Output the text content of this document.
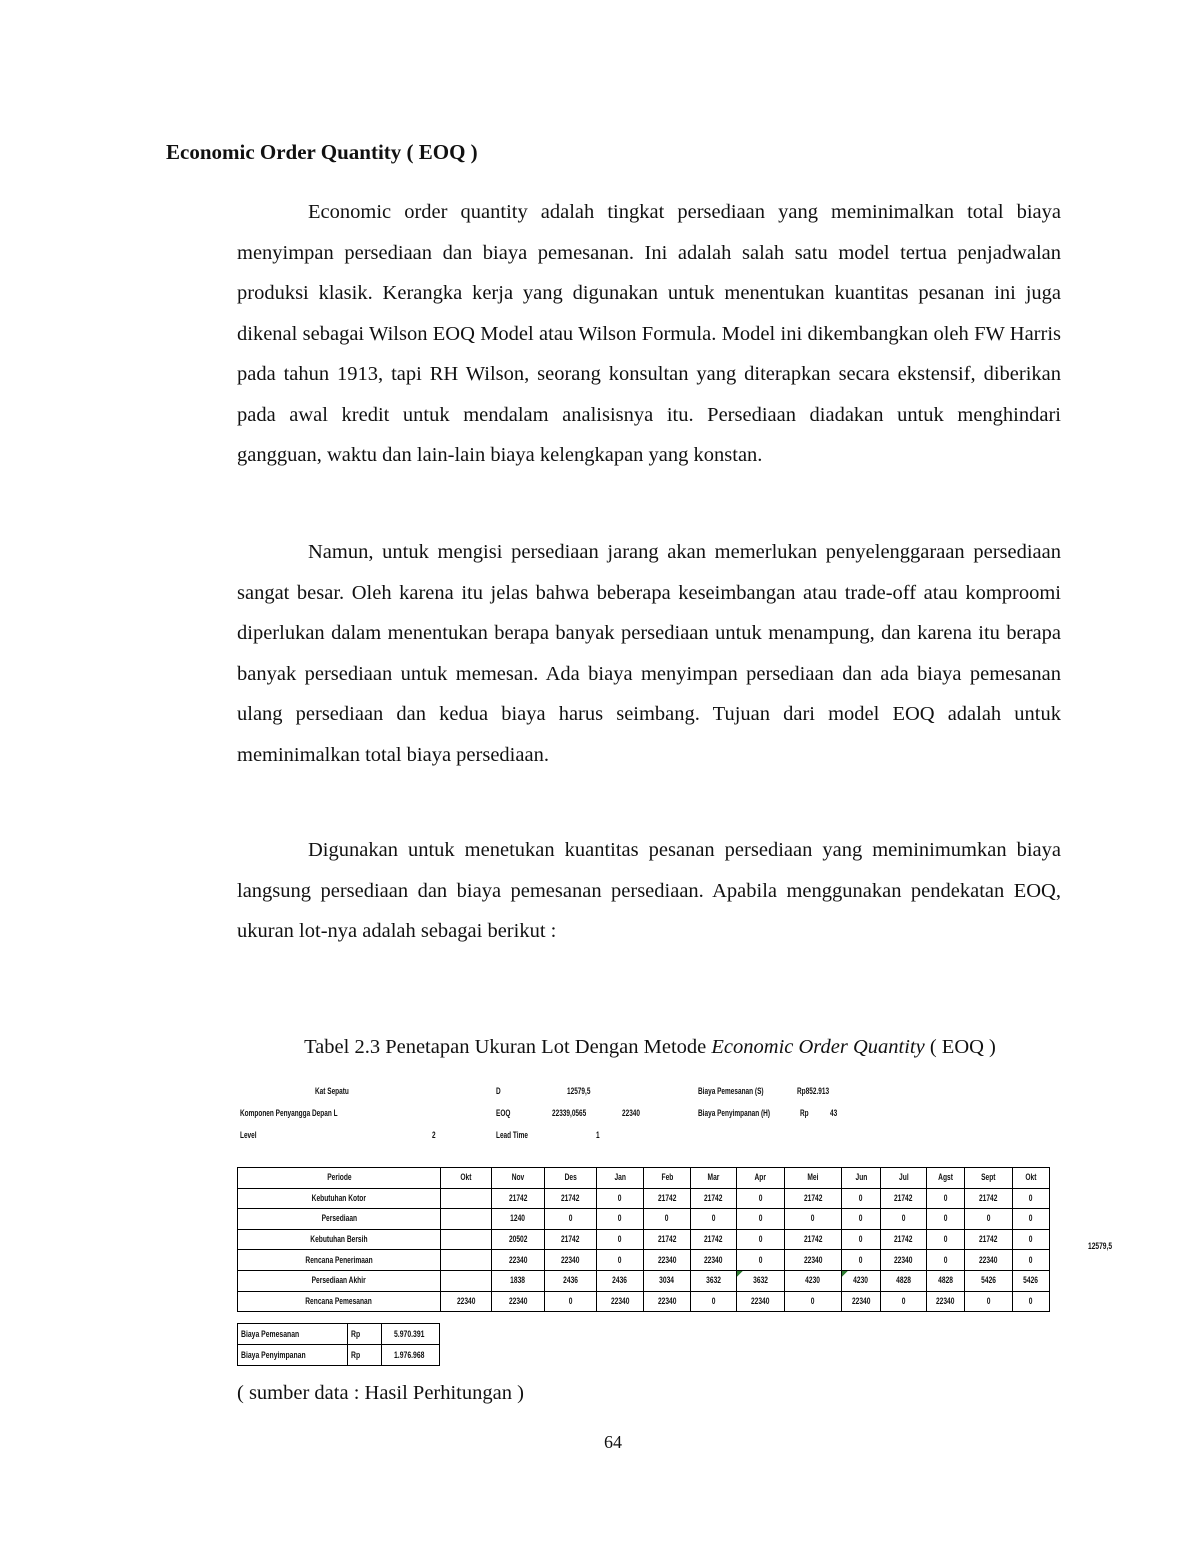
Economic Order Quantity ( EOQ )

Economic order quantity adalah tingkat persediaan yang meminimalkan total biaya menyimpan persediaan dan biaya pemesanan. Ini adalah salah satu model tertua penjadwalan produksi klasik. Kerangka kerja yang digunakan untuk menentukan kuantitas pesanan ini juga dikenal sebagai Wilson EOQ Model atau Wilson Formula. Model ini dikembangkan oleh FW Harris pada tahun 1913, tapi RH Wilson, seorang konsultan yang diterapkan secara ekstensif, diberikan pada awal kredit untuk mendalam analisisnya itu. Persediaan diadakan untuk menghindari gangguan, waktu dan lain-lain biaya kelengkapan yang konstan.

Namun, untuk mengisi persediaan jarang akan memerlukan penyelenggaraan persediaan sangat besar. Oleh karena itu jelas bahwa beberapa keseimbangan atau trade-off atau komproomi diperlukan dalam menentukan berapa banyak persediaan untuk menampung, dan karena itu berapa banyak persediaan untuk memesan. Ada biaya menyimpan persediaan dan ada biaya pemesanan ulang persediaan dan kedua biaya harus seimbang. Tujuan dari model EOQ adalah untuk meminimalkan total biaya persediaan.

Digunakan untuk menetukan kuantitas pesanan persediaan yang meminimumkan biaya langsung persediaan dan biaya pemesanan persediaan. Apabila menggunakan pendekatan EOQ, ukuran lot-nya adalah sebagai berikut :

Tabel 2.3 Penetapan Ukuran Lot Dengan Metode Economic Order Quantity ( EOQ )

Kat Sepatu
Komponen Penyangga Depan L
Level	2
D	12579,5
EOQ	22339,0565	22340
Lead Time	1
Biaya Pemesanan (S)	Rp852.913
Biaya Penyimpanan (H)	Rp 43
Periode	Okt	Nov	Des	Jan	Feb	Mar	Apr	Mei	Jun	Jul	Agst	Sept	Okt
Kebutuhan Kotor		21742	21742	0	21742	21742	0	21742	0	21742	0	21742	0
Persediaan		1240	0	0	0	0	0	0	0	0	0	0	0
Kebutuhan Bersih		20502	21742	0	21742	21742	0	21742	0	21742	0	21742	0
Rencana Penerimaan		22340	22340	0	22340	22340	0	22340	0	22340	0	22340	0
Persediaan Akhir		1838	2436	2436	3034	3632	3632	4230	4230	4828	4828	5426	5426
Rencana Pemesanan	22340	22340	0	22340	22340	0	22340	0	22340	0	22340	0	0
12579,5
Biaya Pemesanan	Rp	5.970.391
Biaya Penyimpanan	Rp	1.976.968

( sumber data : Hasil Perhitungan )

64
